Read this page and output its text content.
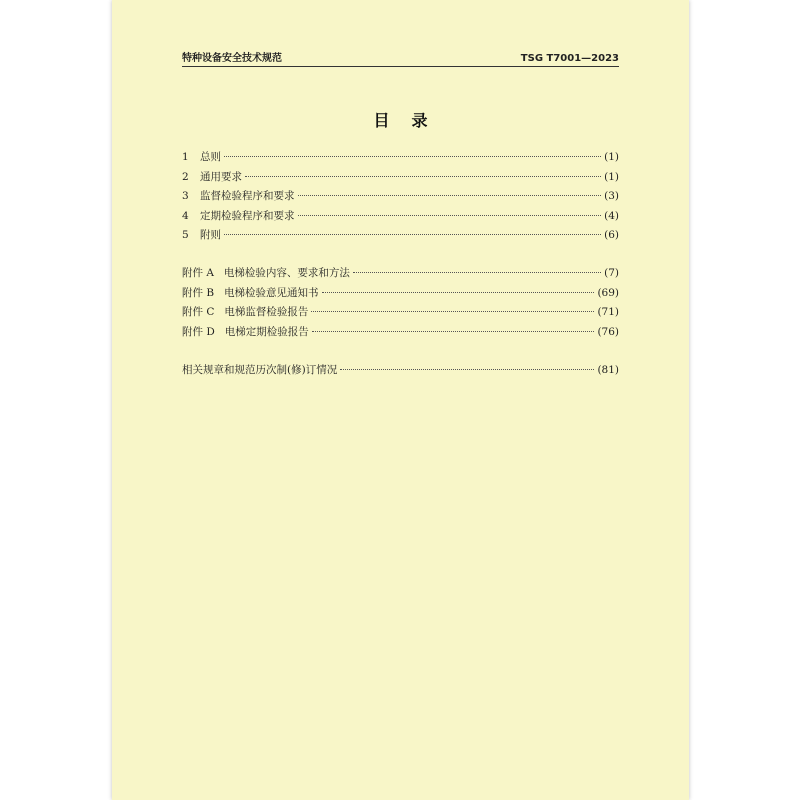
特种设备安全技术规范	TSG T7001—2023
目录
1	总则	(1)
2	通用要求	(1)
3	监督检验程序和要求	(3)
4	定期检验程序和要求	(4)
5	附则	(6)
附件 A 电梯检验内容、要求和方法	(7)
附件 B 电梯检验意见通知书	(69)
附件 C 电梯监督检验报告	(71)
附件 D 电梯定期检验报告	(76)
相关规章和规范历次制(修)订情况	(81)
